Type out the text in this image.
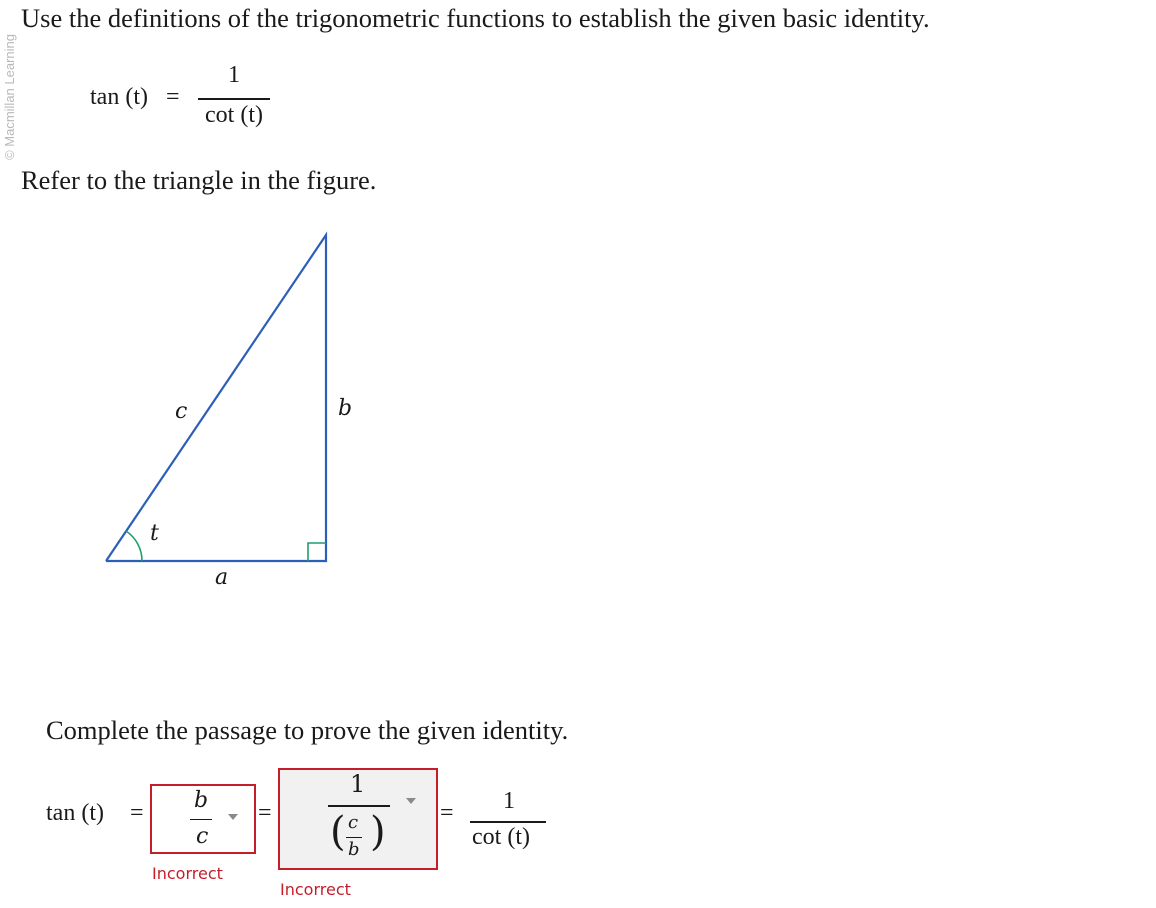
© Macmillan Learning
Use the definitions of the trigonometric functions to establish the given basic identity.
tan (t) =
1
cot (t)
Refer to the triangle in the figure.
c	b
a
t
Complete the passage to prove the given identity.
tan (t) = b
c
Incorrect
=
1
( c
b )
Incorrect
= 1
cot (t)
